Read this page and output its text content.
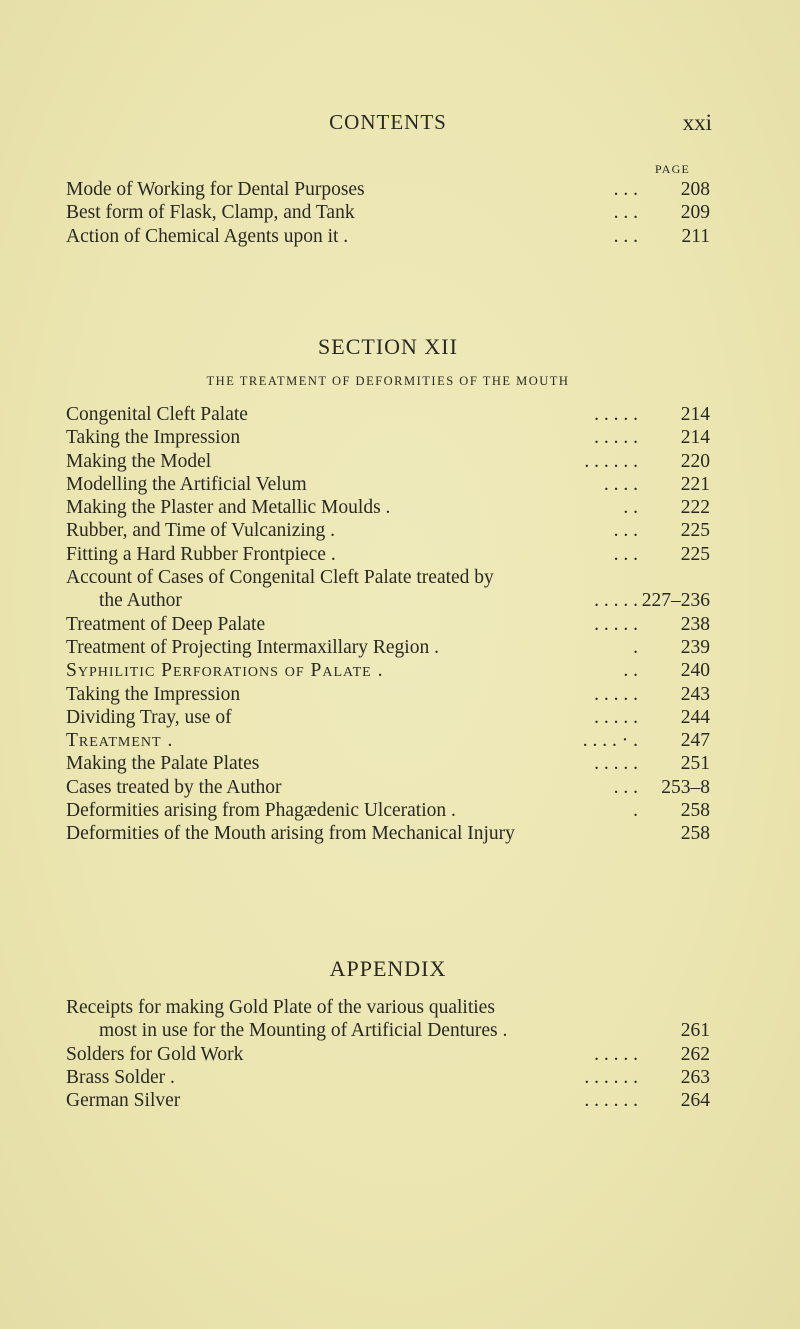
CONTENTS	xxi
PAGE
Mode of Working for Dental Purposes	. . .	208
Best form of Flask, Clamp, and Tank	. . .	209
Action of Chemical Agents upon it .	. . .	211
SECTION XII
THE TREATMENT OF DEFORMITIES OF THE MOUTH
Congenital Cleft Palate	. . . . .	214
Taking the Impression	. . . . .	214
Making the Model	. . . . . .	220
Modelling the Artificial Velum	. . . .	221
Making the Plaster and Metallic Moulds .	. .	222
Rubber, and Time of Vulcanizing .	. . .	225
Fitting a Hard Rubber Frontpiece .	. . .	225
Account of Cases of Congenital Cleft Palate treated by
the Author	. . . . . 227–236
Treatment of Deep Palate	. . . . .	238
Treatment of Projecting Intermaxillary Region .	.	239
Syphilitic Perforations of Palate .	. .	240
Taking the Impression	. . . . .	243
Dividing Tray, use of	. . . . .	244
Treatment .	. . . . · .	247
Making the Palate Plates	. . . . .	251
Cases treated by the Author	. . .	253–8
Deformities arising from Phagædenic Ulceration .	.	258
Deformities of the Mouth arising from Mechanical Injury	258
APPENDIX
Receipts for making Gold Plate of the various qualities
most in use for the Mounting of Artificial Dentures .	261
Solders for Gold Work	. . . . .	262
Brass Solder .	. . . . . .	263
German Silver	. . . . . .	264
